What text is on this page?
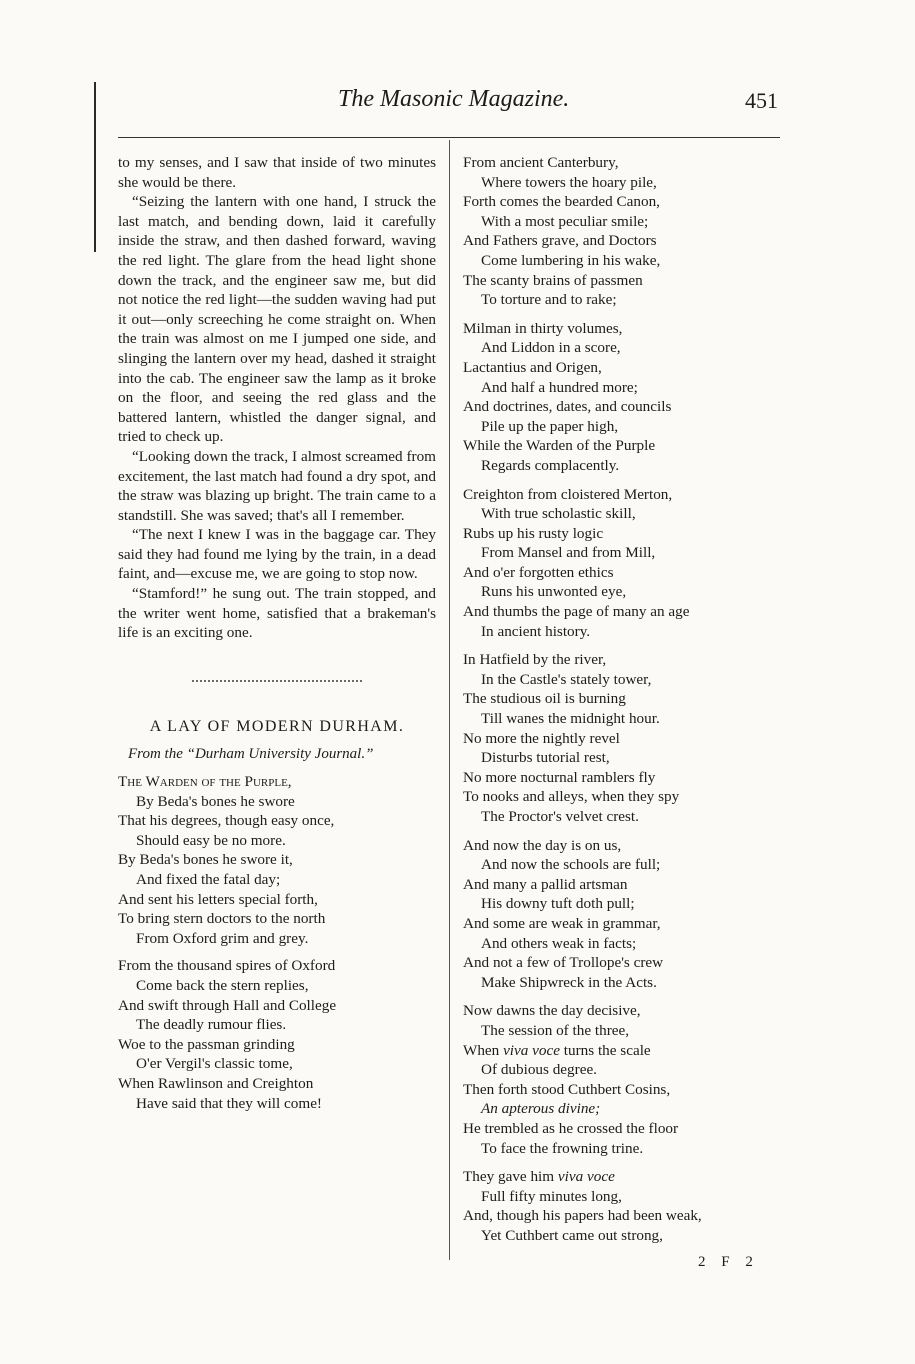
The Masonic Magazine.	451

to my senses, and I saw that inside of two minutes she would be there.

“Seizing the lantern with one hand, I struck the last match, and bending down, laid it carefully inside the straw, and then dashed forward, waving the red light. The glare from the head light shone down the track, and the engineer saw me, but did not notice the red light—the sudden waving had put it out—only screeching he come straight on. When the train was almost on me I jumped one side, and slinging the lantern over my head, dashed it straight into the cab. The engineer saw the lamp as it broke on the floor, and seeing the red glass and the battered lantern, whistled the danger signal, and tried to check up.

“Looking down the track, I almost screamed from excitement, the last match had found a dry spot, and the straw was blazing up bright. The train came to a standstill. She was saved; that's all I remember.

“The next I knew I was in the baggage car. They said they had found me lying by the train, in a dead faint, and—excuse me, we are going to stop now.

“Stamford!” he sung out. The train stopped, and the writer went home, satisfied that a brakeman's life is an exciting one.

A LAY OF MODERN DURHAM.
From the “Durham University Journal.”
The Warden of the Purple,
By Beda's bones he swore
That his degrees, though easy once,
Should easy be no more.
By Beda's bones he swore it,
And fixed the fatal day;
And sent his letters special forth,
To bring stern doctors to the north
From Oxford grim and grey.
From the thousand spires of Oxford
Come back the stern replies,
And swift through Hall and College
The deadly rumour flies.
Woe to the passman grinding
O'er Vergil's classic tome,
When Rawlinson and Creighton
Have said that they will come!
From ancient Canterbury,
Where towers the hoary pile,
Forth comes the bearded Canon,
With a most peculiar smile;
And Fathers grave, and Doctors
Come lumbering in his wake,
The scanty brains of passmen
To torture and to rake;
Milman in thirty volumes,
And Liddon in a score,
Lactantius and Origen,
And half a hundred more;
And doctrines, dates, and councils
Pile up the paper high,
While the Warden of the Purple
Regards complacently.
Creighton from cloistered Merton,
With true scholastic skill,
Rubs up his rusty logic
From Mansel and from Mill,
And o'er forgotten ethics
Runs his unwonted eye,
And thumbs the page of many an age
In ancient history.
In Hatfield by the river,
In the Castle's stately tower,
The studious oil is burning
Till wanes the midnight hour.
No more the nightly revel
Disturbs tutorial rest,
No more nocturnal ramblers fly
To nooks and alleys, when they spy
The Proctor's velvet crest.
And now the day is on us,
And now the schools are full;
And many a pallid artsman
His downy tuft doth pull;
And some are weak in grammar,
And others weak in facts;
And not a few of Trollope's crew
Make Shipwreck in the Acts.
Now dawns the day decisive,
The session of the three,
When viva voce turns the scale
Of dubious degree.
Then forth stood Cuthbert Cosins,
An apterous divine;
He trembled as he crossed the floor
To face the frowning trine.
They gave him viva voce
Full fifty minutes long,
And, though his papers had been weak,
Yet Cuthbert came out strong,
2 F 2
